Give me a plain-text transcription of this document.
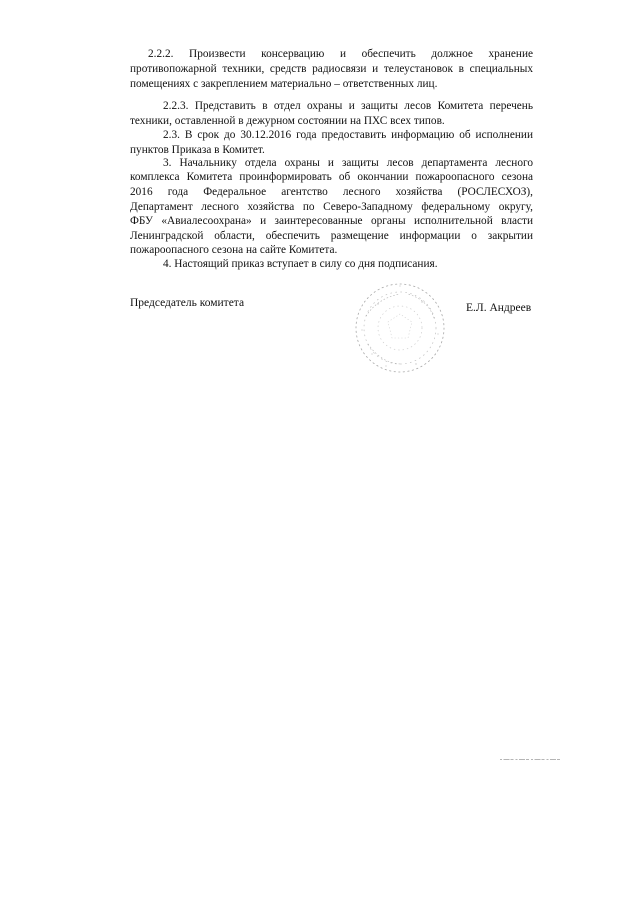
2.2.2. Произвести консервацию и обеспечить должное хранение
противопожарной техники, средств радиосвязи и телеустановок в специальных
помещениях с закреплением материально – ответственных лиц.
2.2.3. Представить в отдел охраны и защиты лесов Комитета перечень
техники, оставленной в дежурном состоянии на ПХС всех типов.
2.3. В срок до 30.12.2016 года предоставить информацию об исполнении
пунктов Приказа в Комитет.
3. Начальнику отдела охраны и защиты лесов департамента лесного
комплекса Комитета проинформировать об окончании пожароопасного сезона
2016 года Федеральное агентство лесного хозяйства (РОСЛЕСХОЗ),
Департамент лесного хозяйства по Северо-Западному федеральному округу,
ФБУ «Авиалесоохрана» и заинтересованные органы исполнительной власти
Ленинградской области, обеспечить размещение информации о закрытии
пожароопасного сезона на сайте Комитета.
4. Настоящий приказ вступает в силу со дня подписания.
Председатель комитета	Е.Л. Андреев
